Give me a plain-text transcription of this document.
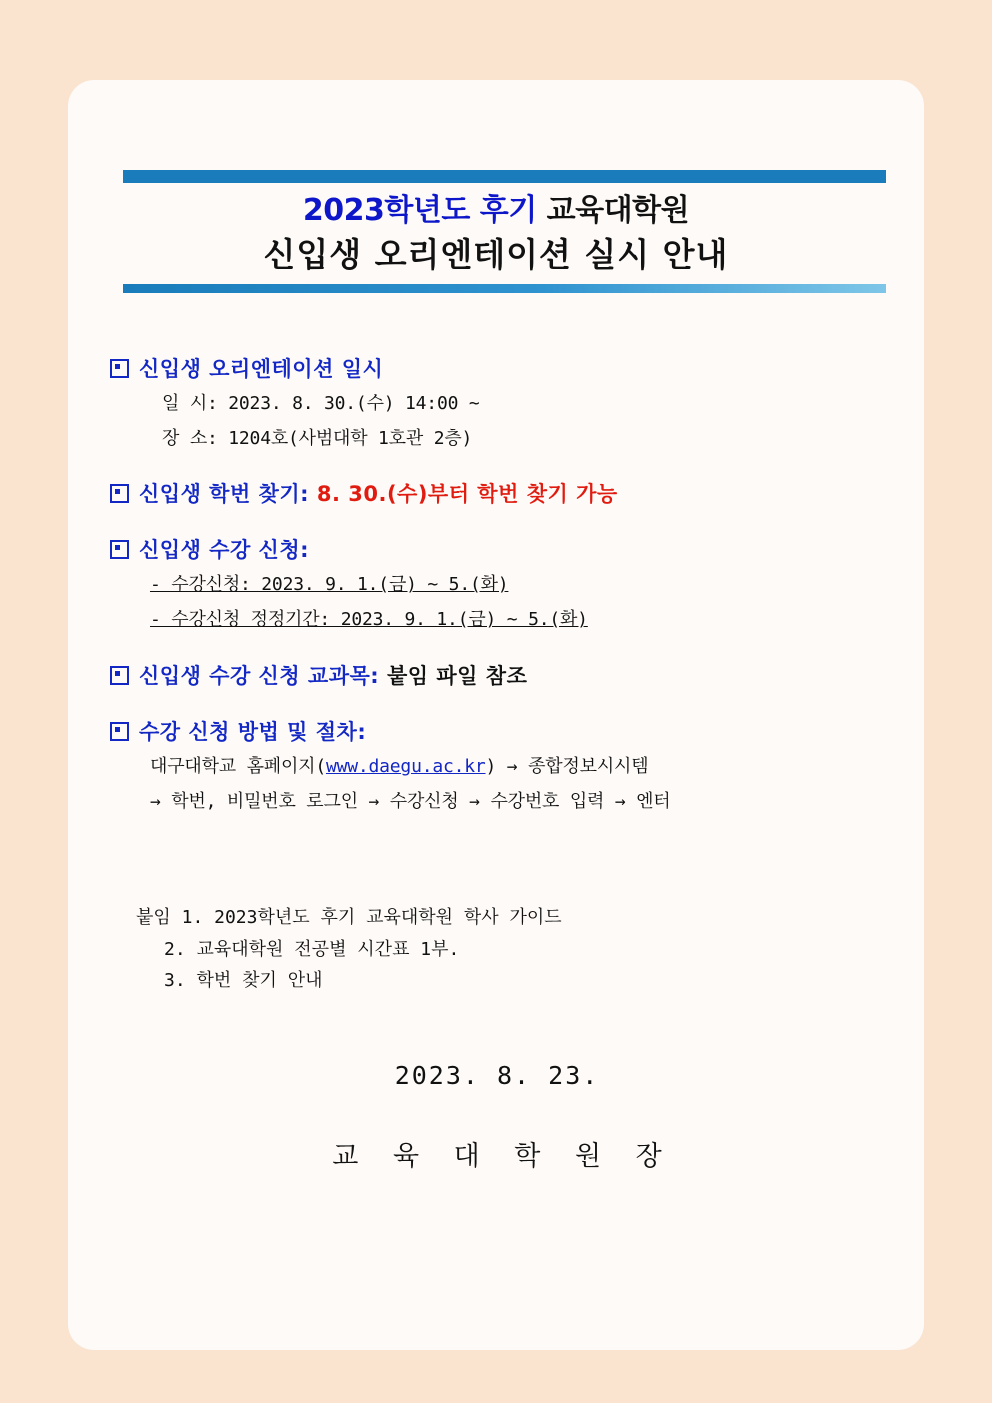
2023학년도 후기 교육대학원
신입생 오리엔테이션 실시 안내
신입생 오리엔테이션 일시
일 시: 2023. 8. 30.(수) 14:00 ~
장 소: 1204호(사범대학 1호관 2층)
신입생 학번 찾기: 8. 30.(수)부터 학번 찾기 가능
신입생 수강 신청:
- 수강신청: 2023. 9. 1.(금) ~ 5.(화)
- 수강신청 정정기간: 2023. 9. 1.(금) ~ 5.(화)
신입생 수강 신청 교과목: 붙임 파일 참조
수강 신청 방법 및 절차:
대구대학교 홈페이지(www.daegu.ac.kr) → 종합정보시시템
→ 학번, 비밀번호 로그인 → 수강신청 → 수강번호 입력 → 엔터
붙임 1. 2023학년도 후기 교육대학원 학사 가이드
2. 교육대학원 전공별 시간표 1부.
3. 학번 찾기 안내
2023. 8. 23.
교 육 대 학 원 장
